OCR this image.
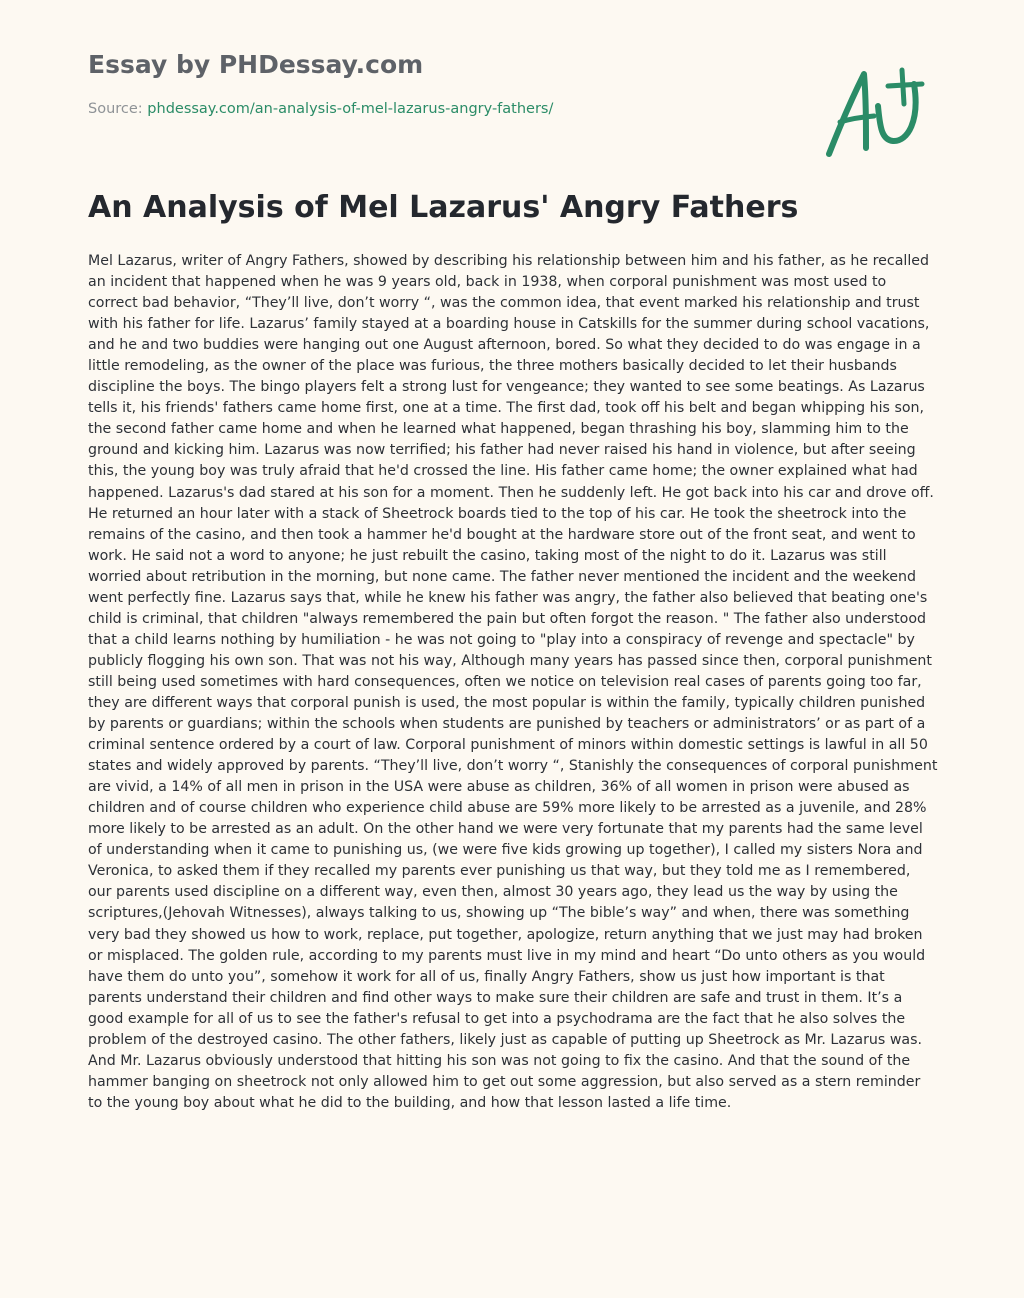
Essay by PHDessay.com
Source: phdessay.com/an-analysis-of-mel-lazarus-angry-fathers/
An Analysis of Mel Lazarus' Angry Fathers

Mel Lazarus, writer of Angry Fathers, showed by describing his relationship between him and his father, as he recalled an incident that happened when he was 9 years old, back in 1938, when corporal punishment was most used to correct bad behavior, “They’ll live, don’t worry “, was the common idea, that event marked his relationship and trust with his father for life. Lazarus’ family stayed at a boarding house in Catskills for the summer during school vacations, and he and two buddies were hanging out one August afternoon, bored. So what they decided to do was engage in a little remodeling, as the owner of the place was furious, the three mothers basically decided to let their husbands discipline the boys. The bingo players felt a strong lust for vengeance; they wanted to see some beatings. As Lazarus tells it, his friends' fathers came home first, one at a time. The first dad, took off his belt and began whipping his son, the second father came home and when he learned what happened, began thrashing his boy, slamming him to the ground and kicking him. Lazarus was now terrified; his father had never raised his hand in violence, but after seeing this, the young boy was truly afraid that he'd crossed the line. His father came home; the owner explained what had happened. Lazarus's dad stared at his son for a moment. Then he suddenly left. He got back into his car and drove off. He returned an hour later with a stack of Sheetrock boards tied to the top of his car. He took the sheetrock into the remains of the casino, and then took a hammer he'd bought at the hardware store out of the front seat, and went to work. He said not a word to anyone; he just rebuilt the casino, taking most of the night to do it. Lazarus was still worried about retribution in the morning, but none came. The father never mentioned the incident and the weekend went perfectly fine. Lazarus says that, while he knew his father was angry, the father also believed that beating one's child is criminal, that children "always remembered the pain but often forgot the reason. " The father also understood that a child learns nothing by humiliation - he was not going to "play into a conspiracy of revenge and spectacle" by publicly flogging his own son. That was not his way, Although many years has passed since then, corporal punishment still being used sometimes with hard consequences, often we notice on television real cases of parents going too far, they are different ways that corporal punish is used, the most popular is within the family, typically children punished by parents or guardians; within the schools when students are punished by teachers or administrators’ or as part of a criminal sentence ordered by a court of law. Corporal punishment of minors within domestic settings is lawful in all 50 states and widely approved by parents. “They’ll live, don’t worry “, Stanishly the consequences of corporal punishment are vivid, a 14% of all men in prison in the USA were abuse as children, 36% of all women in prison were abused as children and of course children who experience child abuse are 59% more likely to be arrested as a juvenile, and 28% more likely to be arrested as an adult. On the other hand we were very fortunate that my parents had the same level of understanding when it came to punishing us, (we were five kids growing up together), I called my sisters Nora and Veronica, to asked them if they recalled my parents ever punishing us that way, but they told me as I remembered, our parents used discipline on a different way, even then, almost 30 years ago, they lead us the way by using the scriptures,(Jehovah Witnesses), always talking to us, showing up “The bible’s way” and when, there was something very bad they showed us how to work, replace, put together, apologize, return anything that we just may had broken or misplaced. The golden rule, according to my parents must live in my mind and heart “Do unto others as you would have them do unto you”, somehow it work for all of us, finally Angry Fathers, show us just how important is that parents understand their children and find other ways to make sure their children are safe and trust in them. It’s a good example for all of us to see the father's refusal to get into a psychodrama are the fact that he also solves the problem of the destroyed casino. The other fathers, likely just as capable of putting up Sheetrock as Mr. Lazarus was. And Mr. Lazarus obviously understood that hitting his son was not going to fix the casino. And that the sound of the hammer banging on sheetrock not only allowed him to get out some aggression, but also served as a stern reminder to the young boy about what he did to the building, and how that lesson lasted a life time.
